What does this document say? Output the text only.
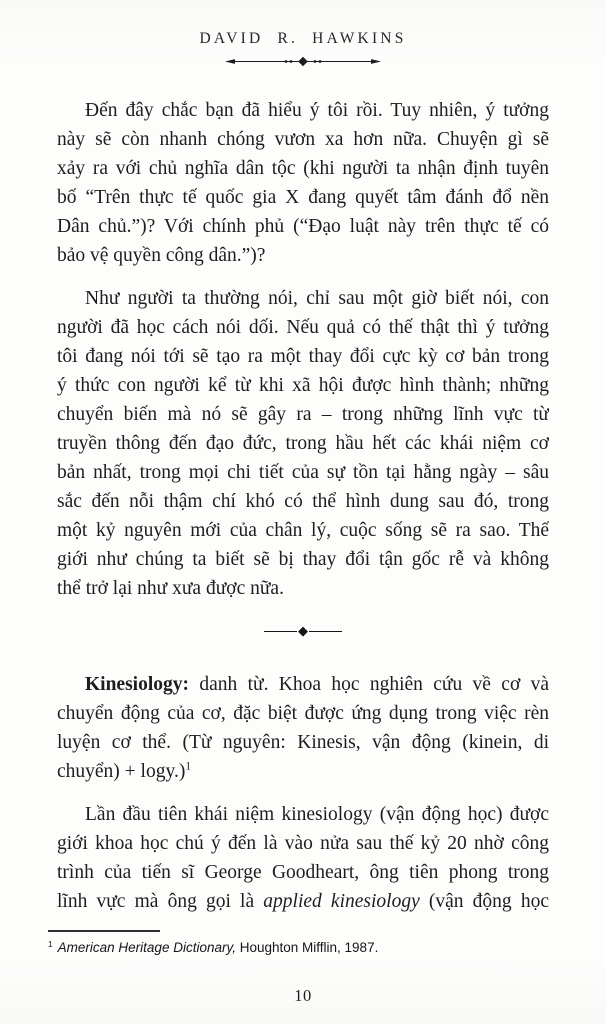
DAVID R. HAWKINS
Đến đây chắc bạn đã hiểu ý tôi rồi. Tuy nhiên, ý tưởng
này sẽ còn nhanh chóng vươn xa hơn nữa. Chuyện gì sẽ
xảy ra với chủ nghĩa dân tộc (khi người ta nhận định tuyên
bố “Trên thực tế quốc gia X đang quyết tâm đánh đổ nền
Dân chủ.”)? Với chính phủ (“Đạo luật này trên thực tế có
bảo vệ quyền công dân.”)?
Như người ta thường nói, chỉ sau một giờ biết nói, con
người đã học cách nói dối. Nếu quả có thế thật thì ý tưởng
tôi đang nói tới sẽ tạo ra một thay đổi cực kỳ cơ bản trong
ý thức con người kể từ khi xã hội được hình thành; những
chuyển biến mà nó sẽ gây ra – trong những lĩnh vực từ
truyền thông đến đạo đức, trong hầu hết các khái niệm cơ
bản nhất, trong mọi chi tiết của sự tồn tại hằng ngày – sâu
sắc đến nỗi thậm chí khó có thể hình dung sau đó, trong
một kỷ nguyên mới của chân lý, cuộc sống sẽ ra sao. Thế
giới như chúng ta biết sẽ bị thay đổi tận gốc rễ và không
thể trở lại như xưa được nữa.
◆
Kinesiology: danh từ. Khoa học nghiên cứu về cơ và
chuyển động của cơ, đặc biệt được ứng dụng trong việc rèn
luyện cơ thể. (Từ nguyên: Kinesis, vận động (kinein, di
chuyển) + logy.)$^1$
Lần đầu tiên khái niệm kinesiology (vận động học) được
giới khoa học chú ý đến là vào nửa sau thế kỷ 20 nhờ công
trình của tiến sĩ George Goodheart, ông tiên phong trong
lĩnh vực mà ông gọi là applied kinesiology (vận động học
$^1$ American Heritage Dictionary, Houghton Mifflin, 1987.
10
